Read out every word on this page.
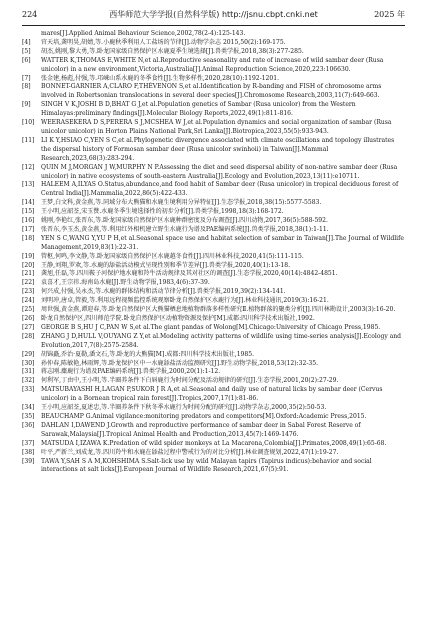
224	西华师范大学学报(自然科学版) http://jsnu.cbpt.cnki.net	2025 年
mares[J].Applied Animal Behaviour Science,2002,78(2-4):125-143.
[4] 官天培,龚明昊,胡婧,等.小鹿秋季利用人工盐场的节律[J].动物学杂志 2015,50(2):169-175.
[5] 胡杰,姚刚,黎大勇,等.卧龙国家级自然保护区水鹿夏季生境选择[J].兽类学报,2018,38(3):277-285.
[6] WATTER K,THOMAS E,WHITE N,et al.Reproductive seasonality and rate of increase of wild sambar deer (Rusa unicolor) in a new environment,Victoria,Australia[J].Animal Reproduction Science,2020,223:106630.
[7] 张金建,杨彪,付强,等.邛崃山系水鹿的冬季食性[J].生物多样性,2020,28(10):1192-1201.
[8] BONNET-GARNIER A,CLARO F,THÉVENON S,et al.Identification by R-banding and FISH of chromosome arms involved in Robertsonian translocations in several deer species[J].Chromosome Research,2003,11(7):649-663.
[9] SINGH V K,JOSHI B D,BHAT G J,et al.Population genetics of Sambar (Rusa unicolor) from the Western Himalayas:preliminary findings[J].Molecular Biology Reports,2022,49(1):811-816.
[10] WEERASEKERA D S,PERERA S J,MCSHEA W J,et al.Population dynamics and social organization of sambar (Rusa unicolor unicolor) in Horton Plains National Park,Sri Lanka[J].Biotropica,2023,55(5):933-943.
[11] LI K Y,HSIAO C,YEN S C,et al.Phylogenetic divergence associated with climate oscillations and topology illustrates the dispersal history of Formosan sambar deer (Rusa unicolor swinhoii) in Taiwan[J].Mammal Research,2023,68(3):283-294.
[12] QUIN M J,MORGAN J W,MURPHY N P.Assessing the diet and seed dispersal ability of non-native sambar deer (Rusa unicolor) in native ecosystems of south-eastern Australia[J].Ecology and Evolution,2023,13(11):e10711.
[13] HALEEM A,ILYAS O.Status,abundance,and food habit of Sambar deer (Rusa unicolor) in tropical deciduous forest of Central India[J].Mammalia,2022,86(5):422-433.
[14] 王梦,白文科,黄金燕,等.同域分布大熊猫和水鹿生境利用分异特征[J].生态学报,2018,38(15):5577-5583.
[15] 王小明,应韶荃,宋玉赞.水鹿冬季生境选择性的初步分析[J].兽类学报,1998,18(3):168-172.
[16] 姚刚,李艳红,张晋东,等.卧龙国家级自然保护区水鹿种群密度及分布调查[J].四川动物,2017,36(5):588-592.
[17] 张晋东,李玉杰,黄金燕,等.利用红外相机建立野生水鹿行为谱及PAE编码系统[J].兽类学报,2018,38(1):1-11.
[18] YEN S C,WANG Y,YU P H,et al.Seasonal space use and habitat selection of sambar in Taiwan[J].The Journal of Wildlife Management,2019,83(1):22-31.
[19] 管枢,何鸣,李文静,等.卧龙国家级自然保护区水鹿越冬食性[J].四川林业科技,2020,41(5):111-115.
[20] 王静,刘翔,罗欢,等.水鹿的舔盐活动模式呈现性别和季节差异[J].兽类学报,2020,40(1):13-18.
[21] 龚旭,任磊,等.四川鞍子河保护地水鹿和羚牛活动规律及其对社区的调查[J].生态学报,2020,40(14):4842-4851.
[22] 袁喜才,王宗祎.海南岛水鹿[J].野生动物学报,1983,4(6):37-39.
[23] 何兴成,付强,吴永杰,等.水鹿的群体结构和活动节律分析[J].兽类学报,2019,39(2):134-141.
[24] 刘明冲,唐卓,管毅,等.利用远程视频监控系统观察卧龙自然保护区水鹿行为[J].林业科技通讯,2019(3):16-21.
[25] 周世强,黄金燕,谭迎春,等.卧龙自然保护区大熊猫栖息地植物群落多样性研究Ⅱ.植物群落的聚类分析[J].四川林勘设计,2003(3):16-20.
[26] 卧龙自然保护区,四川师范学院.卧龙自然保护区动植物资源及保护[M].成都:四川科学技术出版社,1992.
[27] GEORGE B S,HU J C,PAN W S,et al.The giant pandas of Wolong[M].Chicago:University of Chicago Press,1985.
[28] ZHANG J D,HULL V,OUYANG Z Y,et al.Modeling activity patterns of wildlife using time-series analysis[J].Ecology and Evolution,2017,7(8):2575-2584.
[29] 胡锦矗,乔治·夏勒,潘文石,等.卧龙的大熊猫[M].成都:四川科学技术出版社,1985.
[30] 孙仲春,陈敏艳,林雨辉,等.卧龙保护区中一水鹿舔盐活动监测研究[J].野生动物学报,2018,53(12):32-35.
[31] 蒋志刚.麋鹿行为谱及PAE编码系统[J].兽类学报,2000,20(1):1-12.
[32] 何利军,丁由中,王小明,等.半圈养条件下白唇鹿行为时间分配及活动规律的研究[J].生态学报,2001,20(2):27-29.
[33] MATSUBAYASHI H,LAGAN P,SUKOR J R A,et al.Seasonal and daily use of natural licks by sambar deer (Cervus unicolor) in a Bornean tropical rain forest[J].Tropics,2007,17(1):81-86.
[34] 王小明,应韶荃,夏述忠,等.半圈养条件下秋冬季水鹿行为时间分配的研究[J].动物学杂志,2000,35(2):50-53.
[35] BEAUCHAMP G.Animal vigilance:monitoring predators and competitors[M].Oxford:Academic Press,2015.
[36] DAHLAN I,DAWEND J.Growth and reproductive performance of sambar deer in Sabal Forest Reserve of Sarawak,Malaysia[J].Tropical Animal Health and Production,2013,45(7):1469-1476.
[37] MATSUDA I,IZAWA K.Predation of wild spider monkeys at La Macarena,Colombia[J].Primates,2008,49(1):65-68.
[38] 叶平,严新兰,刘成龙,等.四川羚牛和水鹿在舔盐过程中警戒行为的对比分析[J].林业调查规划,2022,47(1):19-27.
[39] TAWA Y,SAH S A M,KOHSHIMA S.Salt-lick use by wild Malayan tapirs (Tapirus indicus):behavior and social interactions at salt licks[J].European Journal of Wildlife Research,2021,67(5):91.
